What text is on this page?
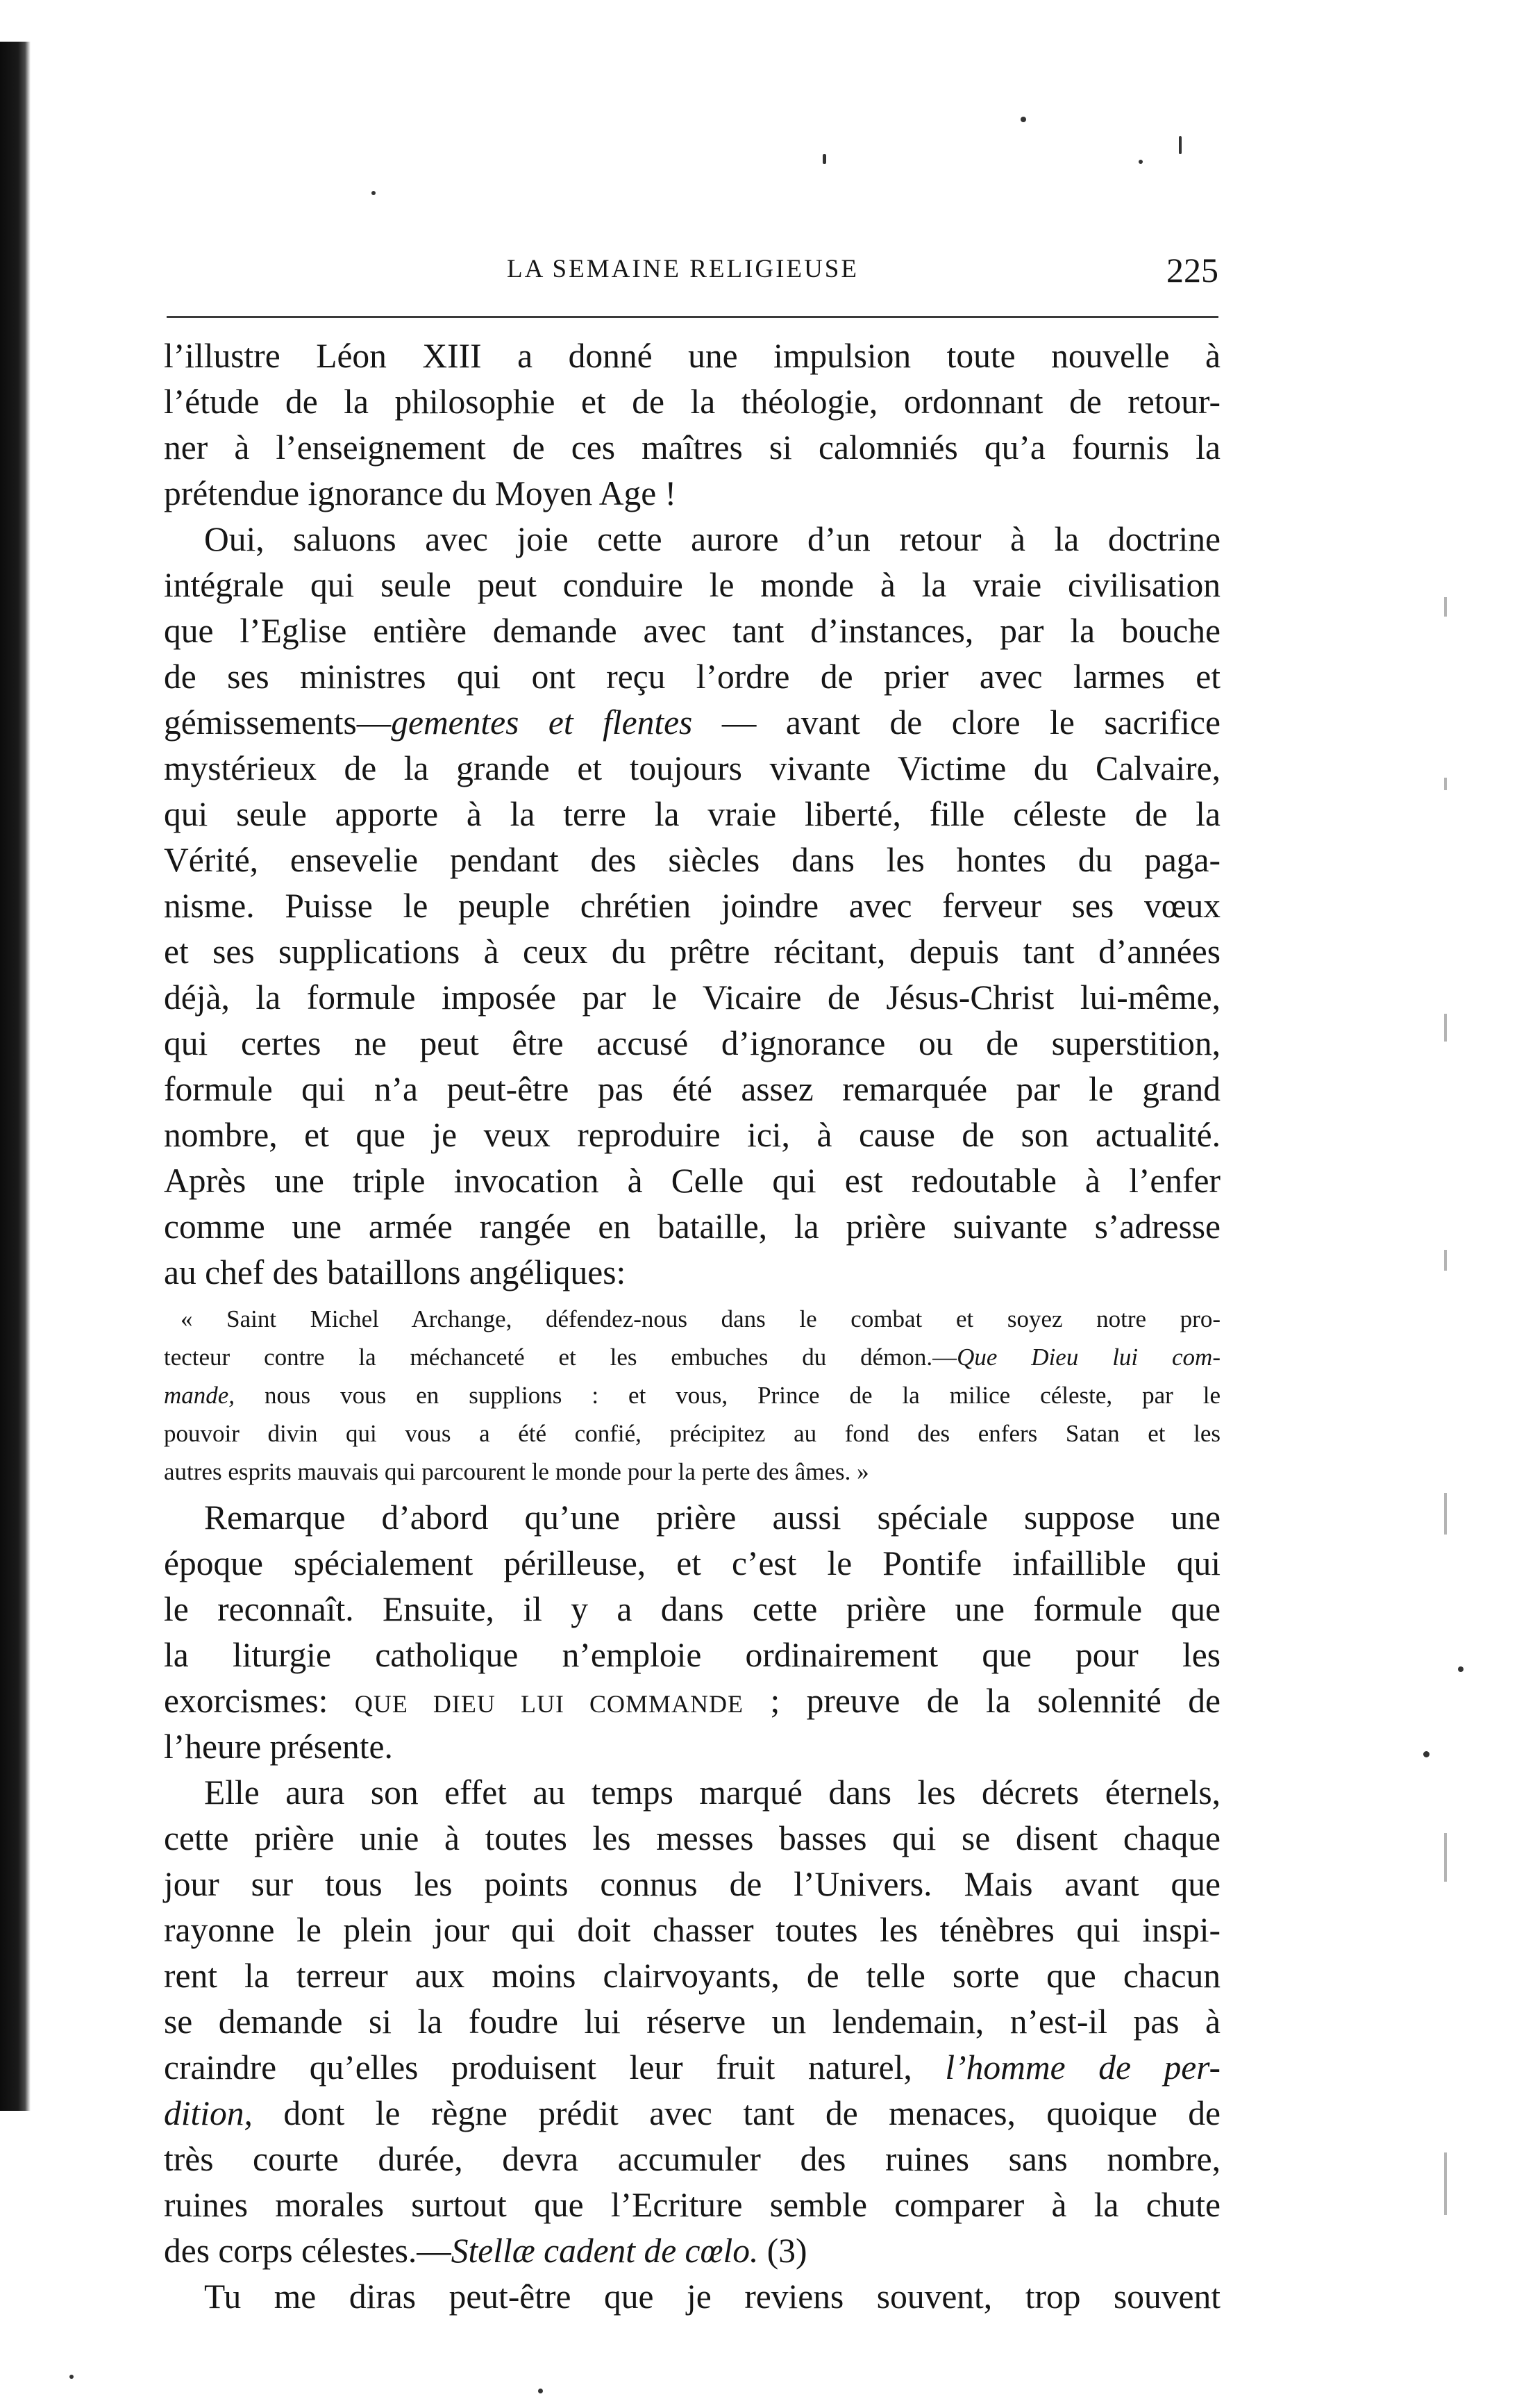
LA SEMAINE RELIGIEUSE	225
l’illustre Léon XIII a donné une impulsion toute nouvelle à
l’étude de la philosophie et de la théologie, ordonnant de retour-
ner à l’enseignement de ces maîtres si calomniés qu’a fournis la
prétendue ignorance du Moyen Age !
Oui, saluons avec joie cette aurore d’un retour à la doctrine
intégrale qui seule peut conduire le monde à la vraie civilisation
que l’Eglise entière demande avec tant d’instances, par la bouche
de ses ministres qui ont reçu l’ordre de prier avec larmes et
gémissements—gementes et flentes — avant de clore le sacrifice
mystérieux de la grande et toujours vivante Victime du Calvaire,
qui seule apporte à la terre la vraie liberté, fille céleste de la
Vérité, ensevelie pendant des siècles dans les hontes du paga-
nisme. Puisse le peuple chrétien joindre avec ferveur ses vœux
et ses supplications à ceux du prêtre récitant, depuis tant d’années
déjà, la formule imposée par le Vicaire de Jésus-Christ lui-même,
qui certes ne peut être accusé d’ignorance ou de superstition,
formule qui n’a peut-être pas été assez remarquée par le grand
nombre, et que je veux reproduire ici, à cause de son actualité.
Après une triple invocation à Celle qui est redoutable à l’enfer
comme une armée rangée en bataille, la prière suivante s’adresse
au chef des bataillons angéliques:
« Saint Michel Archange, défendez-nous dans le combat et soyez notre pro-
tecteur contre la méchanceté et les embuches du démon.—Que Dieu lui com-
mande, nous vous en supplions : et vous, Prince de la milice céleste, par le
pouvoir divin qui vous a été confié, précipitez au fond des enfers Satan et les
autres esprits mauvais qui parcourent le monde pour la perte des âmes. »
Remarque d’abord qu’une prière aussi spéciale suppose une
époque spécialement périlleuse, et c’est le Pontife infaillible qui
le reconnaît. Ensuite, il y a dans cette prière une formule que
la liturgie catholique n’emploie ordinairement que pour les
exorcismes: QUE DIEU LUI COMMANDE ; preuve de la solennité de
l’heure présente.
Elle aura son effet au temps marqué dans les décrets éternels,
cette prière unie à toutes les messes basses qui se disent chaque
jour sur tous les points connus de l’Univers. Mais avant que
rayonne le plein jour qui doit chasser toutes les ténèbres qui inspi-
rent la terreur aux moins clairvoyants, de telle sorte que chacun
se demande si la foudre lui réserve un lendemain, n’est-il pas à
craindre qu’elles produisent leur fruit naturel, l’homme de per-
dition, dont le règne prédit avec tant de menaces, quoique de
très courte durée, devra accumuler des ruines sans nombre,
ruines morales surtout que l’Ecriture semble comparer à la chute
des corps célestes.—Stellæ cadent de cœlo. (3)
Tu me diras peut-être que je reviens souvent, trop souvent
